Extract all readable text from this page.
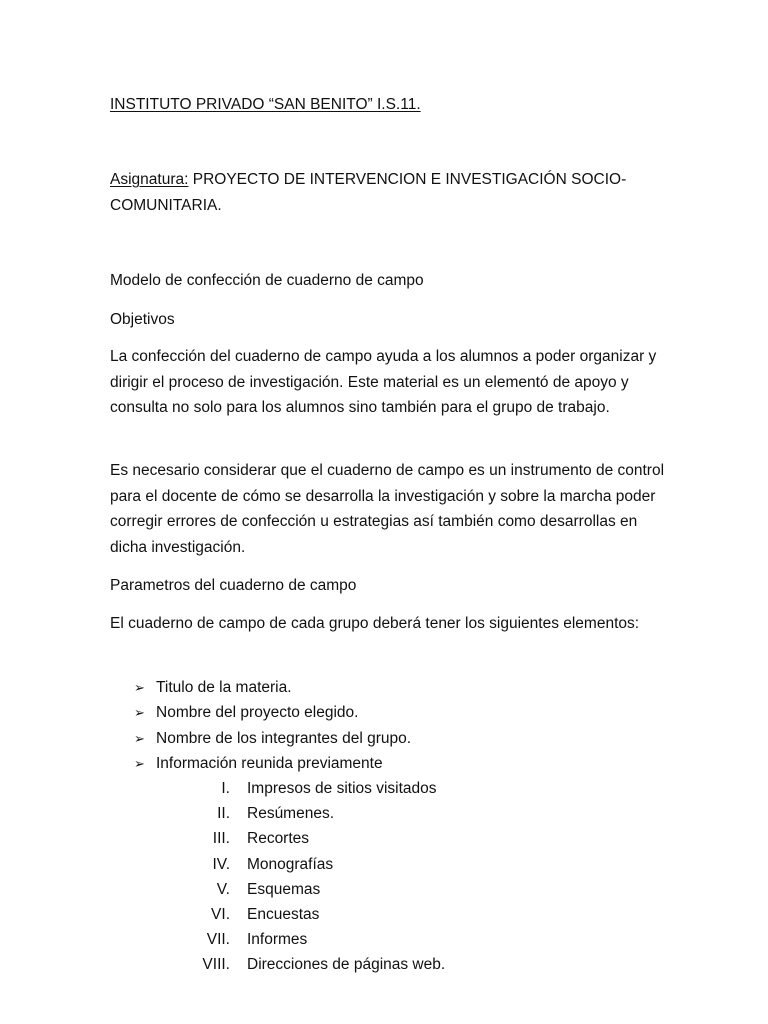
INSTITUTO PRIVADO “SAN BENITO” I.S.11.
Asignatura: PROYECTO DE INTERVENCION E INVESTIGACIÓN SOCIO-
COMUNITARIA.
Modelo de confección de cuaderno de campo
Objetivos
La confección del cuaderno de campo ayuda a los alumnos a poder organizar y dirigir el proceso de investigación. Este material es un elementó de apoyo y consulta no solo para los alumnos sino también para el grupo de trabajo.
Es necesario considerar que el cuaderno de campo es un instrumento de control para el docente de cómo se desarrolla la investigación y sobre la marcha poder corregir errores de confección u estrategias así también como desarrollas en dicha investigación.
Parametros del cuaderno de campo
El cuaderno de campo de cada grupo deberá tener los siguientes elementos:
➢ Titulo de la materia.
➢ Nombre del proyecto elegido.
➢ Nombre de los integrantes del grupo.
➢ Información reunida previamente
I. Impresos de sitios visitados
II. Resúmenes.
III. Recortes
IV. Monografías
V. Esquemas
VI. Encuestas
VII. Informes
VIII. Direcciones de páginas web.
